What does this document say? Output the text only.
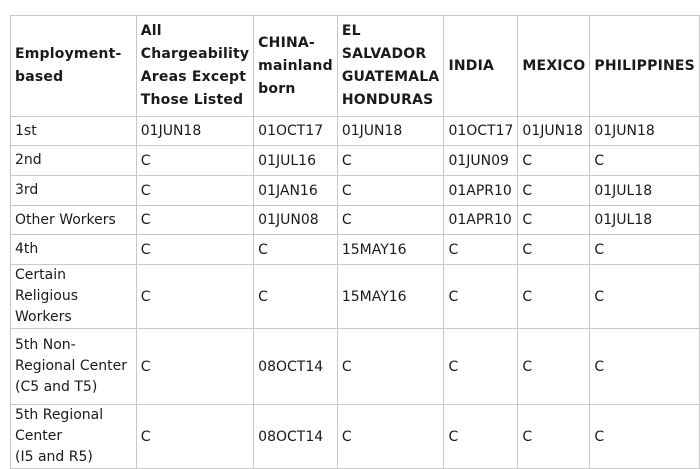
Employment-
based	All
Chargeability
Areas Except
Those Listed	CHINA-
mainland
born	EL
SALVADOR
GUATEMALA
HONDURAS	INDIA	MEXICO	PHILIPPINES
1st	01JUN18	01OCT17	01JUN18	01OCT17	01JUN18	01JUN18
2nd	C	01JUL16	C	01JUN09	C	C
3rd	C	01JAN16	C	01APR10	C	01JUL18
Other Workers	C	01JUN08	C	01APR10	C	01JUL18
4th	C	C	15MAY16	C	C	C
Certain Religious
Workers	C	C	15MAY16	C	C	C
5th Non-
Regional Center
(C5 and T5)	C	08OCT14	C	C	C	C
5th Regional Center
(I5 and R5)	C	08OCT14	C	C	C	C
